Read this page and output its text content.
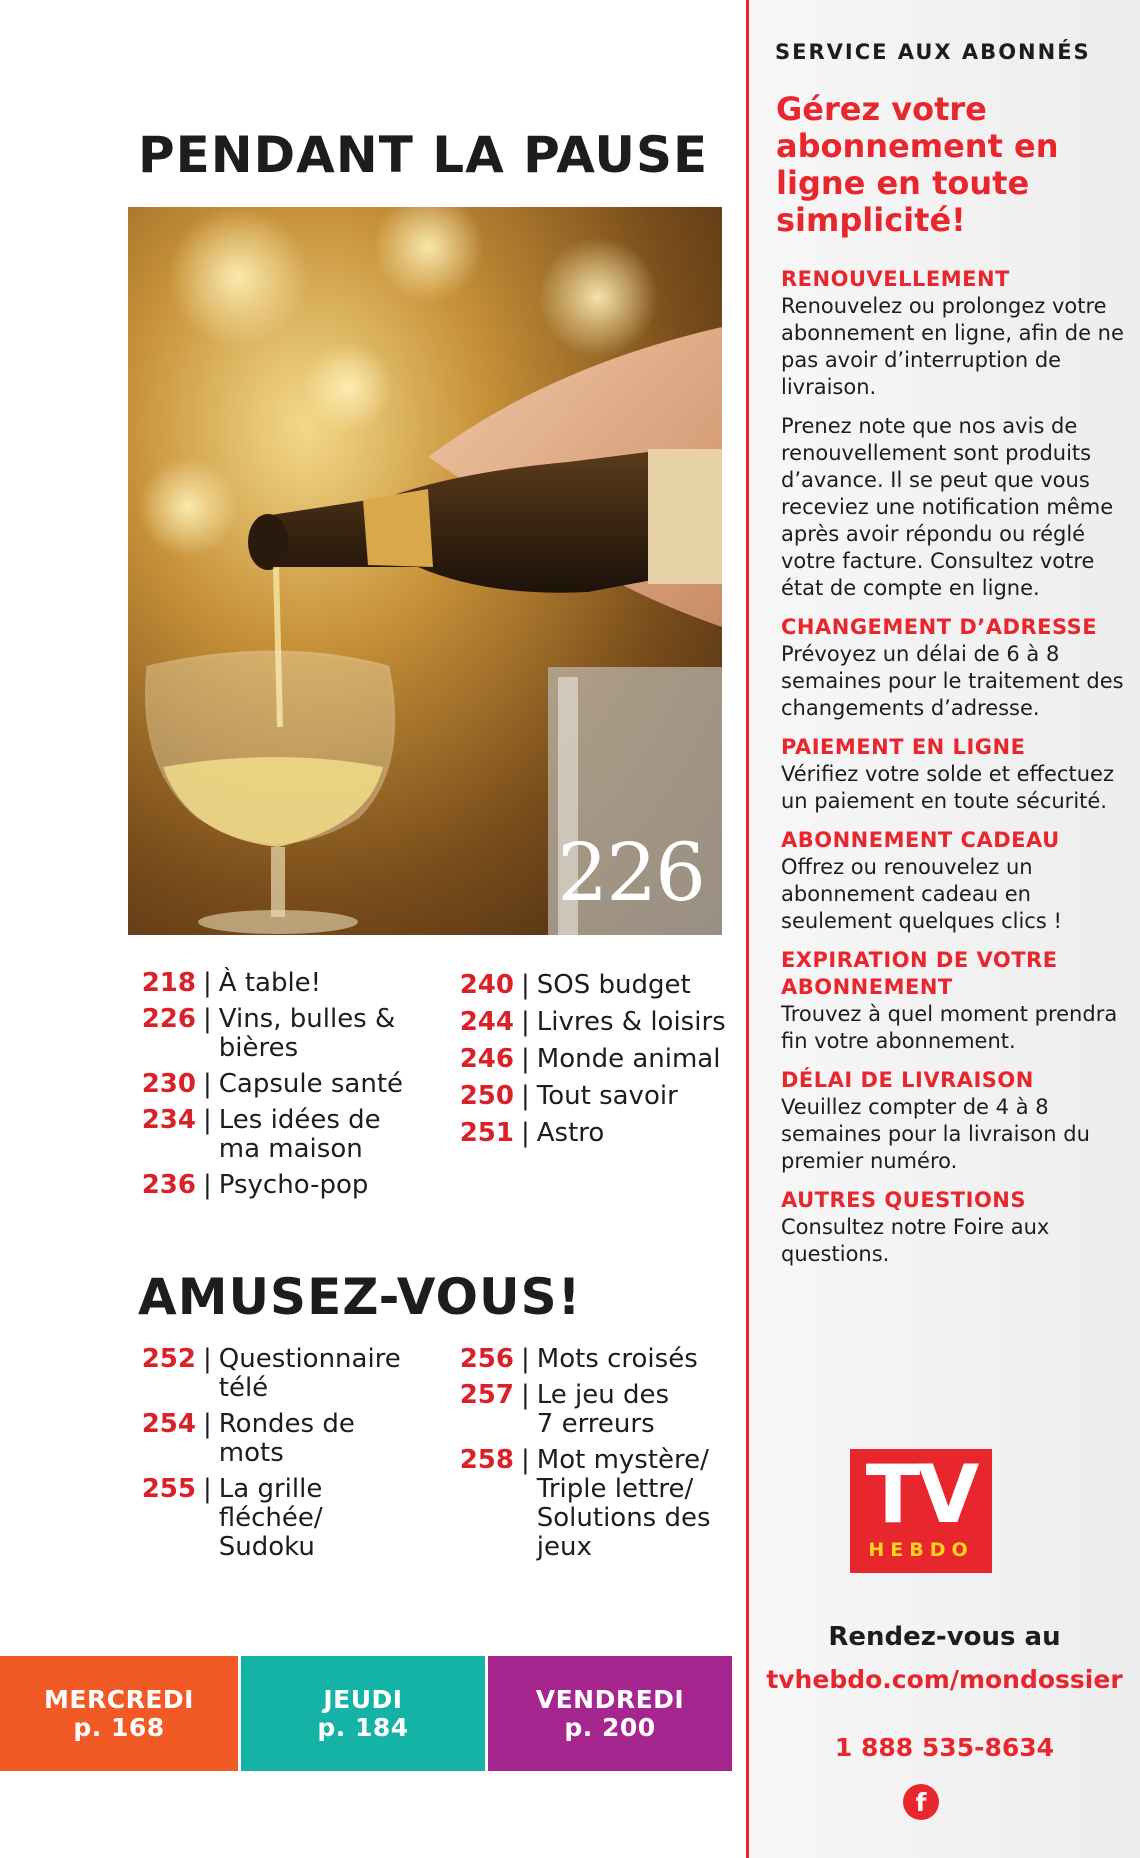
PENDANT LA PAUSE
226
218 | À table!
226 | Vins, bulles &
bières
230 | Capsule santé
234 | Les idées de
ma maison
236 | Psycho-pop
240 | SOS budget
244 | Livres & loisirs
246 | Monde animal
250 | Tout savoir
251 | Astro
AMUSEZ-VOUS!
252 | Questionnaire
télé
254 | Rondes de
mots
255 | La grille
fléchée/
Sudoku
256 | Mots croisés
257 | Le jeu des
7 erreurs
258 | Mot mystère/
Triple lettre/
Solutions des
jeux
MERCREDI
p. 168
JEUDI
p. 184
VENDREDI
p. 200
SERVICE AUX ABONNÉS
Gérez votre abonnement en ligne en toute simplicité!
RENOUVELLEMENT
Renouvelez ou prolongez votre abonnement en ligne, afin de ne pas avoir d’interruption de livraison.
Prenez note que nos avis de renouvellement sont produits d’avance. Il se peut que vous receviez une notification même après avoir répondu ou réglé votre facture. Consultez votre état de compte en ligne.
CHANGEMENT D’ADRESSE
Prévoyez un délai de 6 à 8 semaines pour le traitement des changements d’adresse.
PAIEMENT EN LIGNE
Vérifiez votre solde et effectuez un paiement en toute sécurité.
ABONNEMENT CADEAU
Offrez ou renouvelez un abonnement cadeau en seulement quelques clics !
EXPIRATION DE VOTRE ABONNEMENT
Trouvez à quel moment prendra fin votre abonnement.
DÉLAI DE LIVRAISON
Veuillez compter de 4 à 8 semaines pour la livraison du premier numéro.
AUTRES QUESTIONS
Consultez notre Foire aux questions.
TV
HEBDO
Rendez-vous au
tvhebdo.com/mondossier
1 888 535-8634
f
